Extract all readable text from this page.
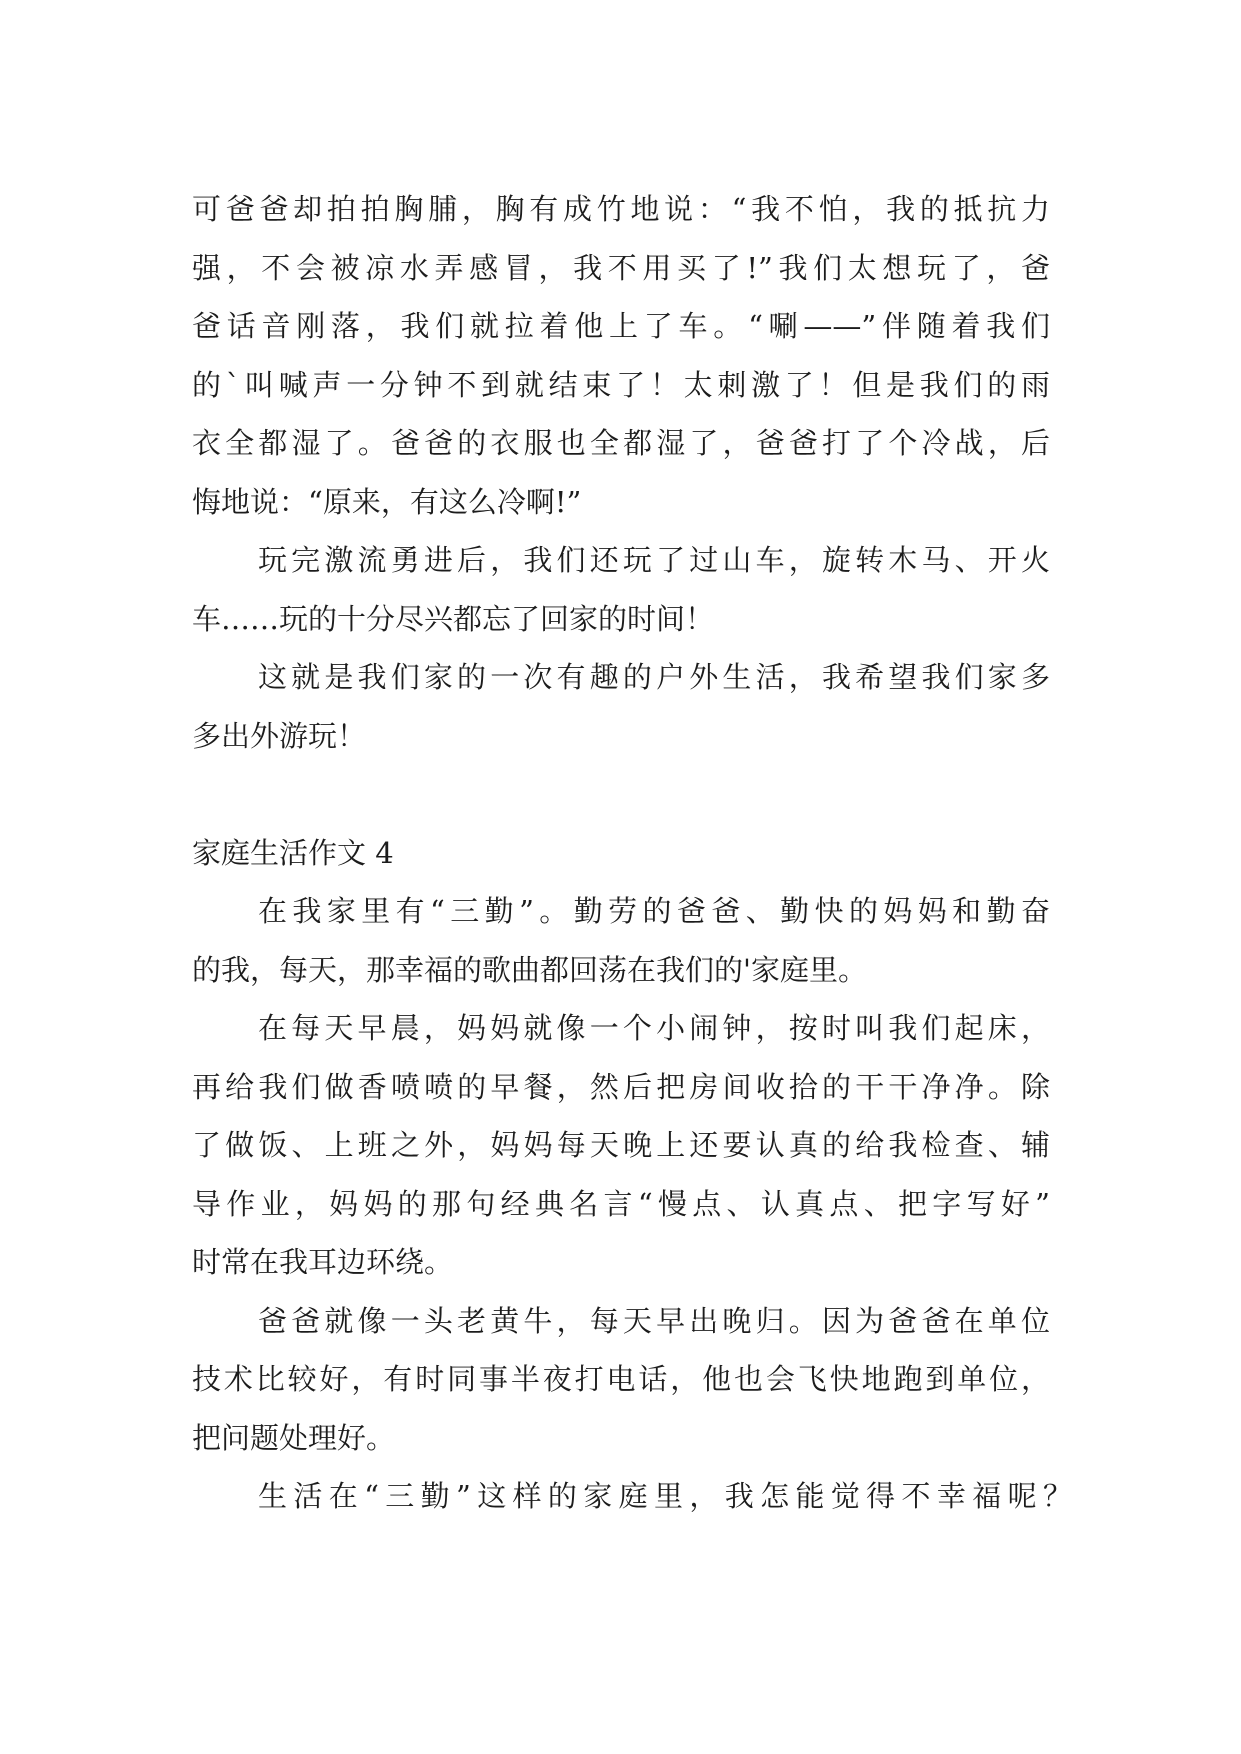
可爸爸却拍拍胸脯，胸有成竹地说：“我不怕，我的抵抗力
强，不会被凉水弄感冒，我不用买了!”我们太想玩了，爸
爸话音刚落，我们就拉着他上了车。“唰——”伴随着我们
的`叫喊声一分钟不到就结束了！太刺激了！但是我们的雨
衣全都湿了。爸爸的衣服也全都湿了，爸爸打了个冷战，后
悔地说：“原来，有这么冷啊!”
玩完激流勇进后，我们还玩了过山车，旋转木马、开火
车……玩的十分尽兴都忘了回家的时间！
这就是我们家的一次有趣的户外生活，我希望我们家多
多出外游玩！
家庭生活作文 4
在我家里有“三勤”。勤劳的爸爸、勤快的妈妈和勤奋
的我，每天，那幸福的歌曲都回荡在我们的'家庭里。
在每天早晨，妈妈就像一个小闹钟，按时叫我们起床，
再给我们做香喷喷的早餐，然后把房间收拾的干干净净。除
了做饭、上班之外，妈妈每天晚上还要认真的给我检查、辅
导作业，妈妈的那句经典名言“慢点、认真点、把字写好”
时常在我耳边环绕。
爸爸就像一头老黄牛，每天早出晚归。因为爸爸在单位
技术比较好，有时同事半夜打电话，他也会飞快地跑到单位，
把问题处理好。
生活在“三勤”这样的家庭里，我怎能觉得不幸福呢？
